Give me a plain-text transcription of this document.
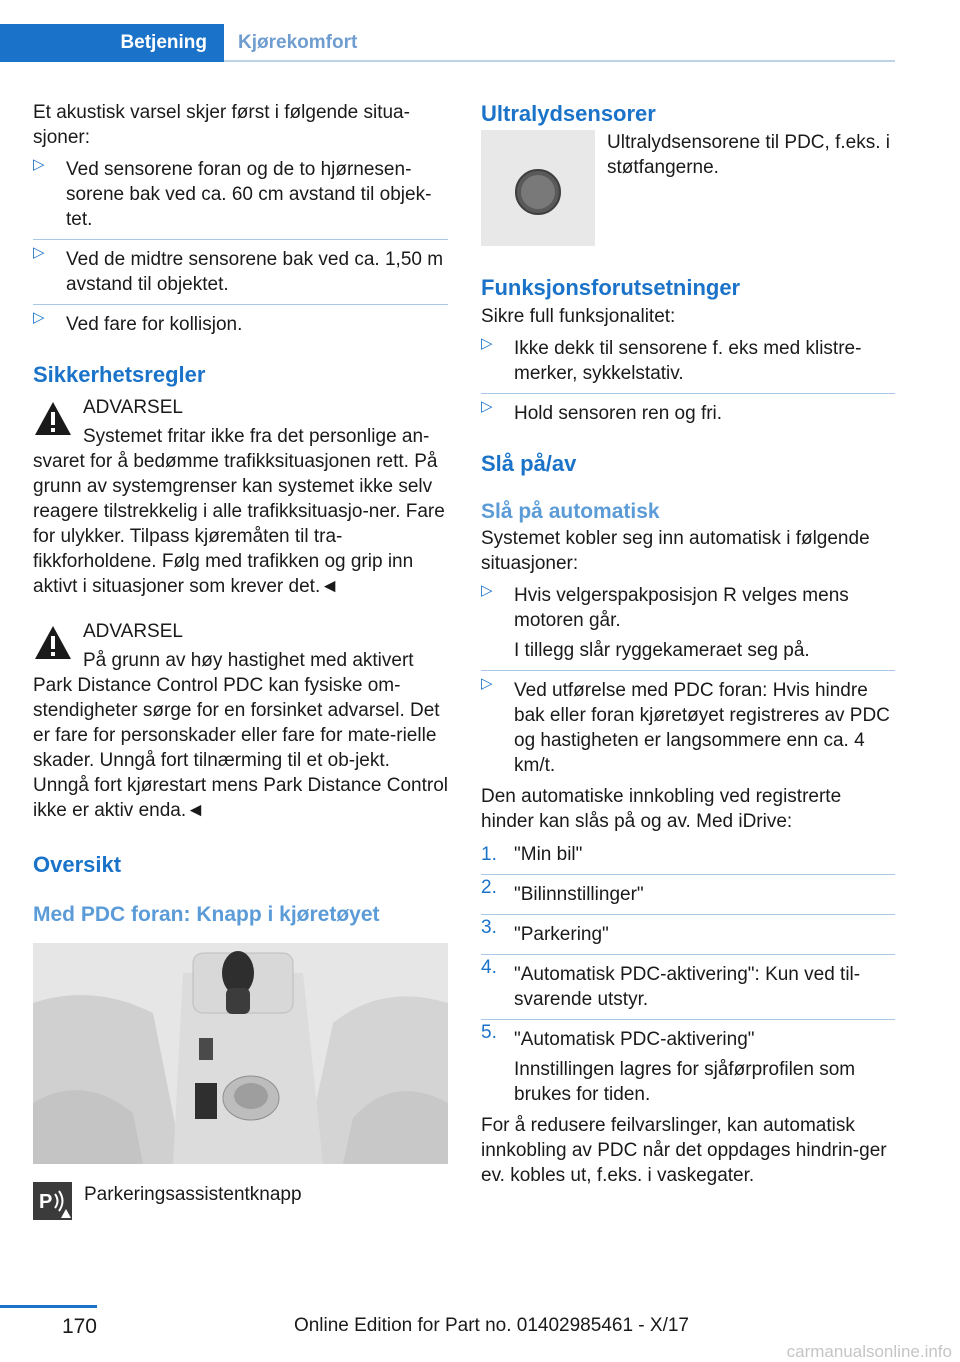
Betjening	Kjørekomfort

Et akustisk varsel skjer først i følgende situa-sjoner:

▷ Ved sensorene foran og de to hjørnesen-sorene bak ved ca. 60 cm avstand til objek-tet.
▷ Ved de midtre sensorene bak ved ca. 1,50 m avstand til objektet.
▷ Ved fare for kollisjon.
Sikkerhetsregler

ADVARSEL

Systemet fritar ikke fra det personlige an-svaret for å bedømme trafikksituasjonen rett. På grunn av systemgrenser kan systemet ikke selv reagere tilstrekkelig i alle trafikksituasjo-ner. Fare for ulykker. Tilpass kjøremåten til tra-fikkforholdene. Følg med trafikken og grip inn aktivt i situasjoner som krever det.◄

ADVARSEL

På grunn av høy hastighet med aktivert Park Distance Control PDC kan fysiske om-stendigheter sørge for en forsinket advarsel. Det er fare for personskader eller fare for mate-rielle skader. Unngå fort tilnærming til et ob-jekt. Unngå fort kjørestart mens Park Distance Control ikke er aktiv enda.◄

Oversikt
Med PDC foran: Knapp i kjøretøyet
P	Parkeringsassistentknapp

Ultralydsensorer

Ultralydsensorene til PDC, f.eks. i støtfangerne.

Funksjonsforutsetninger

Sikre full funksjonalitet:

▷ Ikke dekk til sensorene f. eks med klistre-merker, sykkelstativ.
▷ Hold sensoren ren og fri.
Slå på/av
Slå på automatisk

Systemet kobler seg inn automatisk i følgende situasjoner:

▷ Hvis velgerspakposisjon R velges mens motoren går.
I tillegg slår ryggekameraet seg på.
▷ Ved utførelse med PDC foran: Hvis hindre bak eller foran kjøretøyet registreres av PDC og hastigheten er langsommere enn ca. 4 km/t.

Den automatiske innkobling ved registrerte hinder kan slås på og av. Med iDrive:

1. "Min bil"
2. "Bilinnstillinger"
3. "Parkering"
4. "Automatisk PDC-aktivering": Kun ved til-svarende utstyr.
5. "Automatisk PDC-aktivering"
Innstillingen lagres for sjåførprofilen som brukes for tiden.

For å redusere feilvarslinger, kan automatisk innkobling av PDC når det oppdages hindrin-ger ev. kobles ut, f.eks. i vaskegater.

170	Online Edition for Part no. 01402985461 - X/17
carmanualsonline.info
